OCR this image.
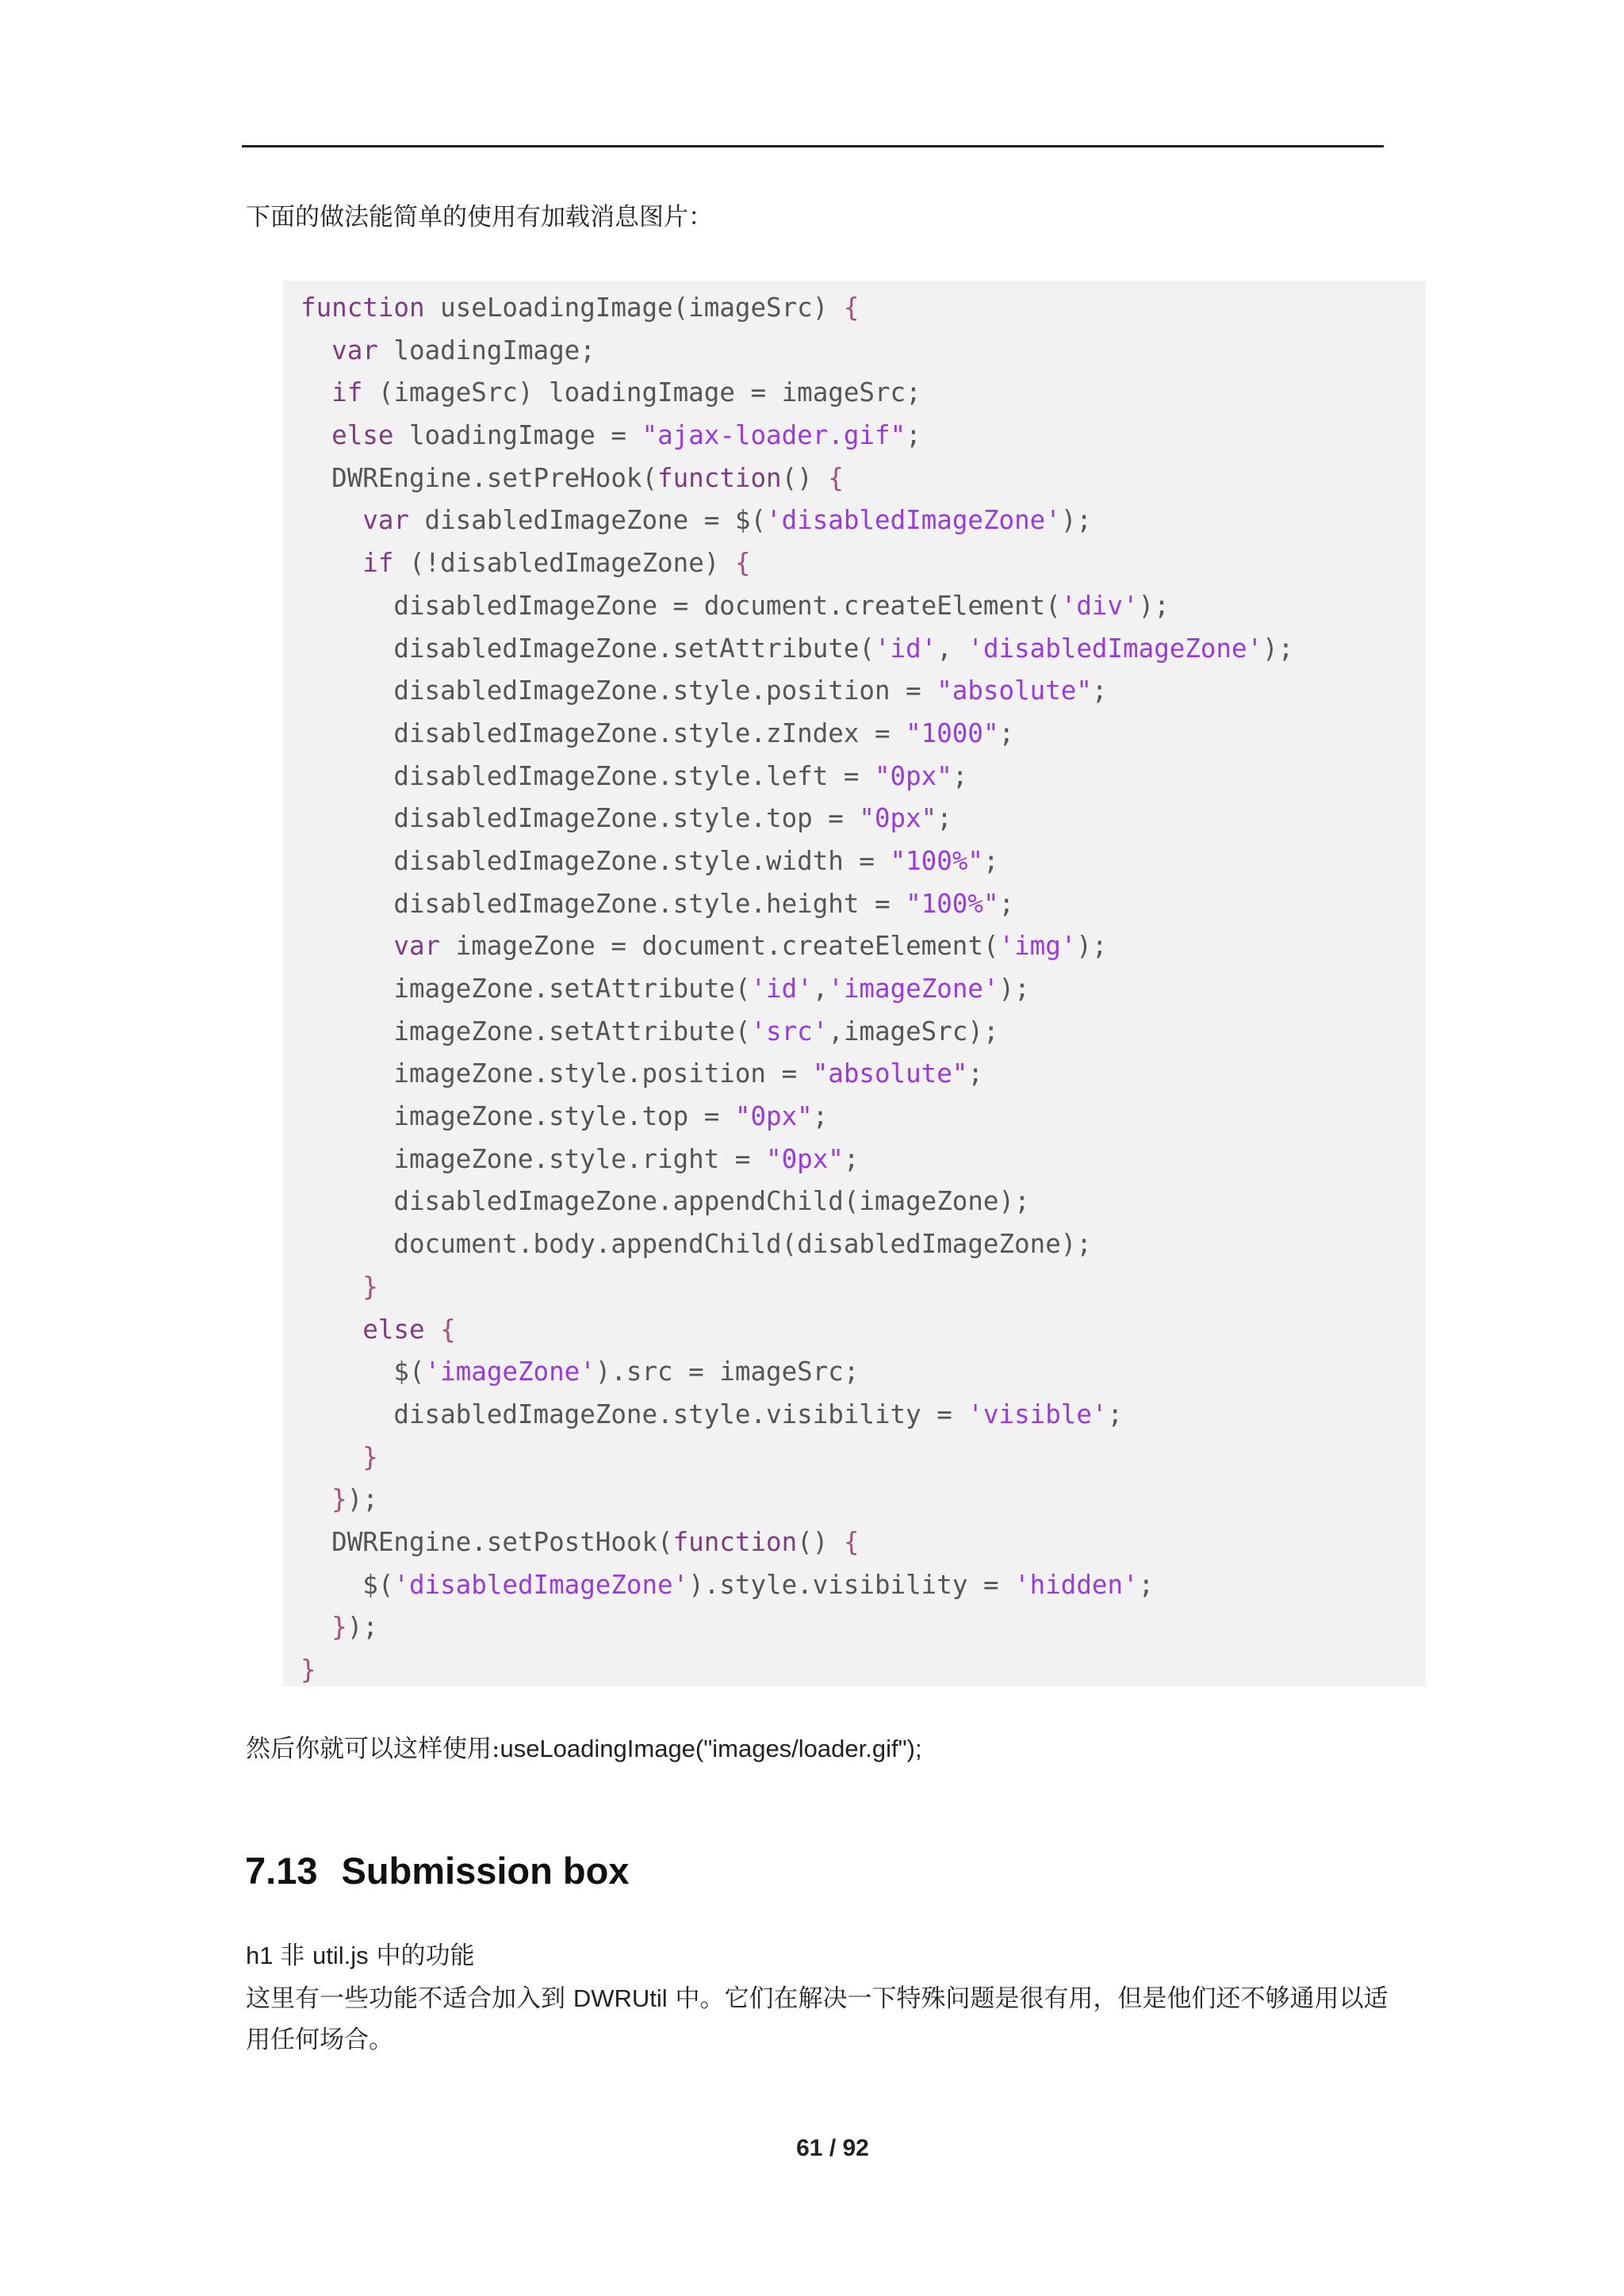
下面的做法能简单的使用有加载消息图片：
function useLoadingImage(imageSrc) {
var loadingImage;
if (imageSrc) loadingImage = imageSrc;
else loadingImage = "ajax-loader.gif";
DWREngine.setPreHook(function() {
var disabledImageZone = $('disabledImageZone');
if (!disabledImageZone) {
disabledImageZone = document.createElement('div');
disabledImageZone.setAttribute('id', 'disabledImageZone');
disabledImageZone.style.position = "absolute";
disabledImageZone.style.zIndex = "1000";
disabledImageZone.style.left = "0px";
disabledImageZone.style.top = "0px";
disabledImageZone.style.width = "100%";
disabledImageZone.style.height = "100%";
var imageZone = document.createElement('img');
imageZone.setAttribute('id','imageZone');
imageZone.setAttribute('src',imageSrc);
imageZone.style.position = "absolute";
imageZone.style.top = "0px";
imageZone.style.right = "0px";
disabledImageZone.appendChild(imageZone);
document.body.appendChild(disabledImageZone);
}
else {
$('imageZone').src = imageSrc;
disabledImageZone.style.visibility = 'visible';
}
});
DWREngine.setPostHook(function() {
$('disabledImageZone').style.visibility = 'hidden';
});
}
然后你就可以这样使用:useLoadingImage("images/loader.gif");
7.13 Submission box
h1 非 util.js 中的功能
这里有一些功能不适合加入到 DWRUtil 中。它们在解决一下特殊问题是很有用，但是他们还不够通用以适
用任何场合。
61 / 92
